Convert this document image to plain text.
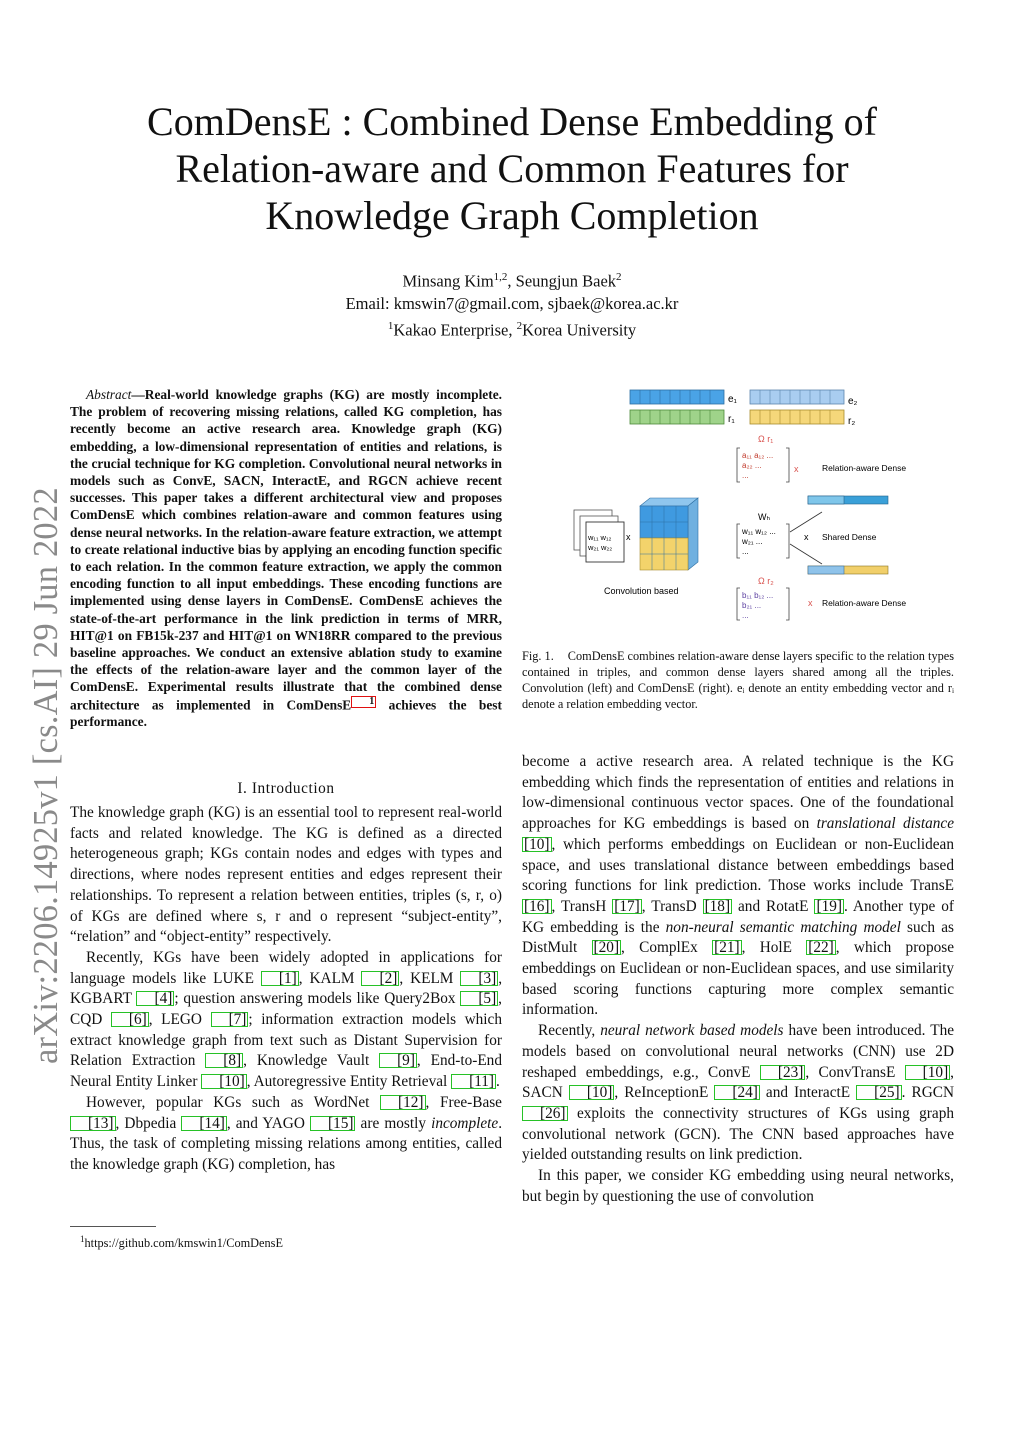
arXiv:2206.14925v1 [cs.AI] 29 Jun 2022
ComDensE : Combined Dense Embedding of Relation-aware and Common Features for Knowledge Graph Completion
Minsang Kim$^{1,2}$, Seungjun Baek$^2$
Email: kmswin7@gmail.com, sjbaek@korea.ac.kr
$^1$Kakao Enterprise, $^2$Korea University

Abstract—Real-world knowledge graphs (KG) are mostly incomplete. The problem of recovering missing relations, called KG completion, has recently become an active research area. Knowledge graph (KG) embedding, a low-dimensional representation of entities and relations, is the crucial technique for KG completion. Convolutional neural networks in models such as ConvE, SACN, InteractE, and RGCN achieve recent successes. This paper takes a different architectural view and proposes ComDensE which combines relation-aware and common features using dense neural networks. In the relation-aware feature extraction, we attempt to create relational inductive bias by applying an encoding function specific to each relation. In the common feature extraction, we apply the common encoding function to all input embeddings. These encoding functions are implemented using dense layers in ComDensE. ComDensE achieves the state-of-the-art performance in the link prediction in terms of MRR, HIT@1 on FB15k-237 and HIT@1 on WN18RR compared to the previous baseline approaches. We conduct an extensive ablation study to examine the effects of the relation-aware layer and the common layer of the ComDensE. Experimental results illustrate that the combined dense architecture as implemented in ComDensE 1 achieves the best performance.

I. Introduction

The knowledge graph (KG) is an essential tool to represent real-world facts and related knowledge. The KG is defined as a directed heterogeneous graph; KGs contain nodes and edges with types and directions, where nodes represent entities and edges represent their relationships. To represent a relation between entities, triples (s, r, o) of KGs are defined where s, r and o represent “subject-entity”, “relation” and “object-entity” respectively.

Recently, KGs have been widely adopted in applications for language models like LUKE [1] , KALM [2] , KELM [3] , KGBART [4] ; question answering models like Query2Box [5] , CQD [6] , LEGO [7] ; information extraction models which extract knowledge graph from text such as Distant Supervision for Relation Extraction [8] , Knowledge Vault [9] , End-to-End Neural Entity Linker [10] , Autoregressive Entity Retrieval [11] .

However, popular KGs such as WordNet [12] , Free-Base [13] , Dbpedia [14] , and YAGO [15] are mostly incomplete. Thus, the task of completing missing relations among entities, called the knowledge graph (KG) completion, has

$^1$https://github.com/kmswin1/ComDensE
e₁
r₁
e₂
r₂
Ω r₁
a₁₁ a₁₂ ...
a₂₂ ...
...
x	Relation-aware Dense
Wₕ
w₁₁ w₁₂ ...
w₂₁ ...
...
x Shared Dense
Ω r₂
b₁₁ b₁₂ ...
b₂₁ ...
...
x Relation-aware Dense
w₁₁ w₁₂
w₂₁ w₂₂
x
Convolution based
Fig. 1. ComDensE combines relation-aware dense layers specific to the relation types contained in triples, and common dense layers shared among all the triples. Convolution (left) and ComDensE (right). eᵢ denote an entity embedding vector and rᵢ denote a relation embedding vector.

become a active research area. A related technique is the KG embedding which finds the representation of entities and relations in low-dimensional continuous vector spaces. One of the foundational approaches for KG embeddings is based on translational distance [10] , which performs embeddings on Euclidean or non-Euclidean space, and uses translational distance between embeddings based scoring functions for link prediction. Those works include TransE [16] , TransH [17] , TransD [18] and RotatE [19] . Another type of KG embedding is the non-neural semantic matching model such as DistMult [20] , ComplEx [21] , HolE [22] , which propose embeddings on Euclidean or non-Euclidean spaces, and use similarity based scoring functions capturing more complex semantic information.

Recently, neural network based models have been introduced. The models based on convolutional neural networks (CNN) use 2D reshaped embeddings, e.g., ConvE [23] , ConvTransE [10] , SACN [10] , ReInceptionE [24] and InteractE [25] . RGCN [26] exploits the connectivity structures of KGs using graph convolutional network (GCN). The CNN based approaches have yielded outstanding results on link prediction.

In this paper, we consider KG embedding using neural networks, but begin by questioning the use of convolution
